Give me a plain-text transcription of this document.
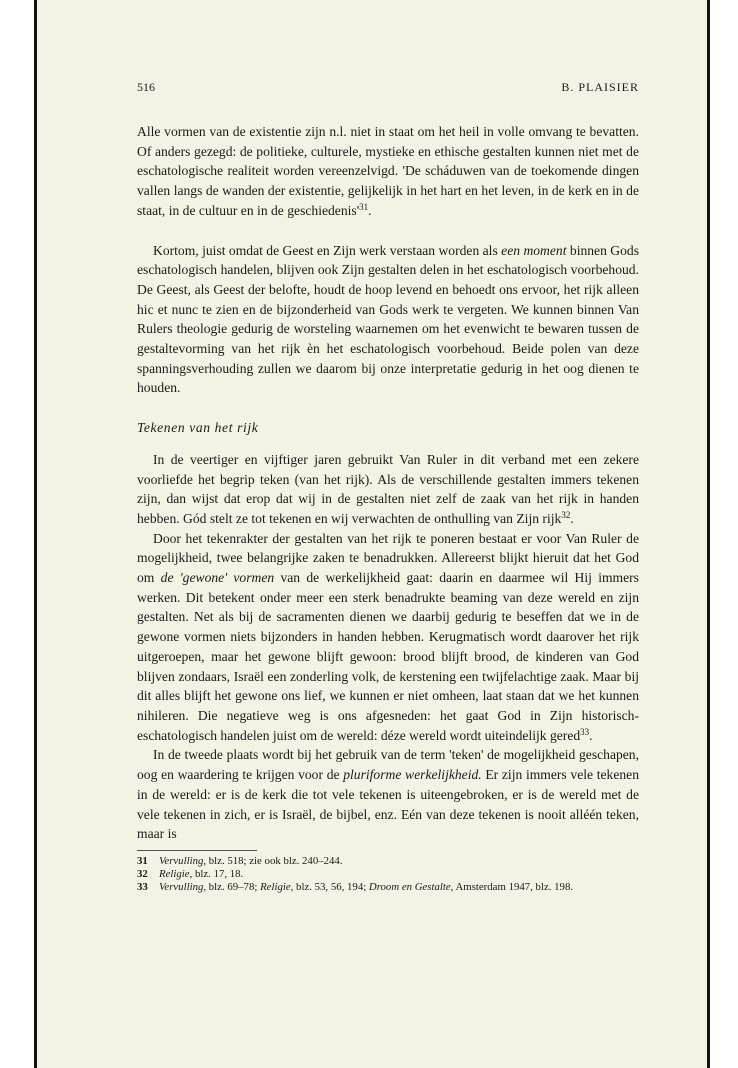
516	B. PLAISIER

Alle vormen van de existentie zijn n.l. niet in staat om het heil in volle omvang te bevatten. Of anders gezegd: de politieke, culturele, mystieke en ethische gestalten kunnen niet met de eschatologische realiteit worden vereenzelvigd. 'De scháduwen van de toekomende dingen vallen langs de wanden der existentie, gelijkelijk in het hart en het leven, in de kerk en in de staat, in de cultuur en in de $geschiedenis'^{31}$.

Kortom, juist omdat de Geest en Zijn werk verstaan worden als een moment binnen Gods eschatologisch handelen, blijven ook Zijn gestalten delen in het eschatologisch voorbehoud. De Geest, als Geest der belofte, houdt de hoop levend en behoedt ons ervoor, het rijk alleen hic et nunc te zien en de bijzonderheid van Gods werk te vergeten. We kunnen binnen Van Rulers theologie gedurig de worsteling waarnemen om het evenwicht te bewaren tussen de gestaltevorming van het rijk èn het eschatologisch voorbehoud. Beide polen van deze spanningsverhouding zullen we daarom bij onze interpretatie gedurig in het oog dienen te houden.

Tekenen van het rijk

In de veertiger en vijftiger jaren gebruikt Van Ruler in dit verband met een zekere voorliefde het begrip teken (van het rijk). Als de verschillende gestalten immers tekenen zijn, dan wijst dat erop dat wij in de gestalten niet zelf de zaak van het rijk in handen hebben. Gód stelt ze tot tekenen en wij verwachten de onthulling van Zijn rijk$^{32}$.

Door het tekenrakter der gestalten van het rijk te poneren bestaat er voor Van Ruler de mogelijkheid, twee belangrijke zaken te benadrukken. Allereerst blijkt hieruit dat het God om de 'gewone' vormen van de werkelijkheid gaat: daarin en daarmee wil Hij immers werken. Dit betekent onder meer een sterk benadrukte beaming van deze wereld en zijn gestalten. Net als bij de sacramenten dienen we daarbij gedurig te beseffen dat we in de gewone vormen niets bijzonders in handen hebben. Kerugmatisch wordt daarover het rijk uitgeroepen, maar het gewone blijft gewoon: brood blijft brood, de kinderen van God blijven zondaars, Israël een zonderling volk, de kerstening een twijfelachtige zaak. Maar bij dit alles blijft het gewone ons lief, we kunnen er niet omheen, laat staan dat we het kunnen nihileren. Die negatieve weg is ons afgesneden: het gaat God in Zijn historisch-eschatologisch handelen juist om de wereld: déze wereld wordt uiteindelijk gered$^{33}$.

In de tweede plaats wordt bij het gebruik van de term 'teken' de mogelijkheid geschapen, oog en waardering te krijgen voor de pluriforme werkelijkheid. Er zijn immers vele tekenen in de wereld: er is de kerk die tot vele tekenen is uiteengebroken, er is de wereld met de vele tekenen in zich, er is Israël, de bijbel, enz. Eén van deze tekenen is nooit alléén teken, maar is

31	Vervulling, blz. 518; zie ook blz. 240–244.
32	Religie, blz. 17, 18.
33	Vervulling, blz. 69–78; Religie, blz. 53, 56, 194; Droom en Gestalte, Amsterdam 1947, blz. 198.
